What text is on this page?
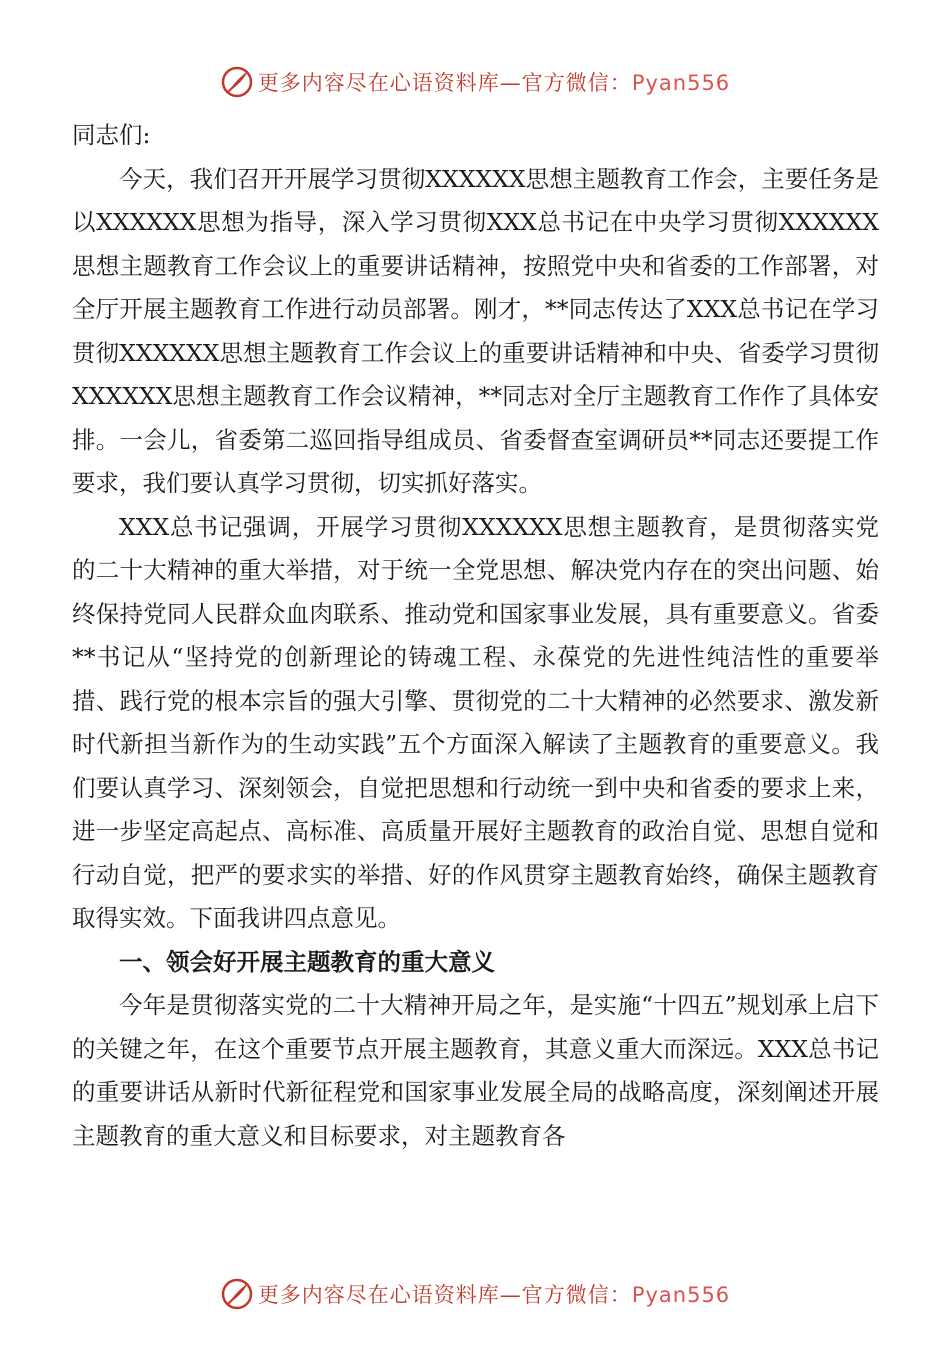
更多内容尽在心语资料库—官方微信：Pyan556

同志们:

今天，我们召开开展学习贯彻XXXXXX思想主题教育工作会，主要任务是以XXXXXX思想为指导，深入学习贯彻XXX总书记在中央学习贯彻XXXXXX思想主题教育工作会议上的重要讲话精神，按照党中央和省委的工作部署，对全厅开展主题教育工作进行动员部署。刚才，**同志传达了XXX总书记在学习贯彻XXXXXX思想主题教育工作会议上的重要讲话精神和中央、省委学习贯彻XXXXXX思想主题教育工作会议精神，**同志对全厅主题教育工作作了具体安排。一会儿，省委第二巡回指导组成员、省委督查室调研员**同志还要提工作要求，我们要认真学习贯彻，切实抓好落实。

XXX总书记强调，开展学习贯彻XXXXXX思想主题教育，是贯彻落实党的二十大精神的重大举措，对于统一全党思想、解决党内存在的突出问题、始终保持党同人民群众血肉联系、推动党和国家事业发展，具有重要意义。省委**书记从“坚持党的创新理论的铸魂工程、永葆党的先进性纯洁性的重要举措、践行党的根本宗旨的强大引擎、贯彻党的二十大精神的必然要求、激发新时代新担当新作为的生动实践”五个方面深入解读了主题教育的重要意义。我们要认真学习、深刻领会，自觉把思想和行动统一到中央和省委的要求上来，进一步坚定高起点、高标准、高质量开展好主题教育的政治自觉、思想自觉和行动自觉，把严的要求实的举措、好的作风贯穿主题教育始终，确保主题教育取得实效。下面我讲四点意见。

一、领会好开展主题教育的重大意义

今年是贯彻落实党的二十大精神开局之年，是实施“十四五”规划承上启下的关键之年，在这个重要节点开展主题教育，其意义重大而深远。XXX总书记的重要讲话从新时代新征程党和国家事业发展全局的战略高度，深刻阐述开展主题教育的重大意义和目标要求，对主题教育各

更多内容尽在心语资料库—官方微信：Pyan556
